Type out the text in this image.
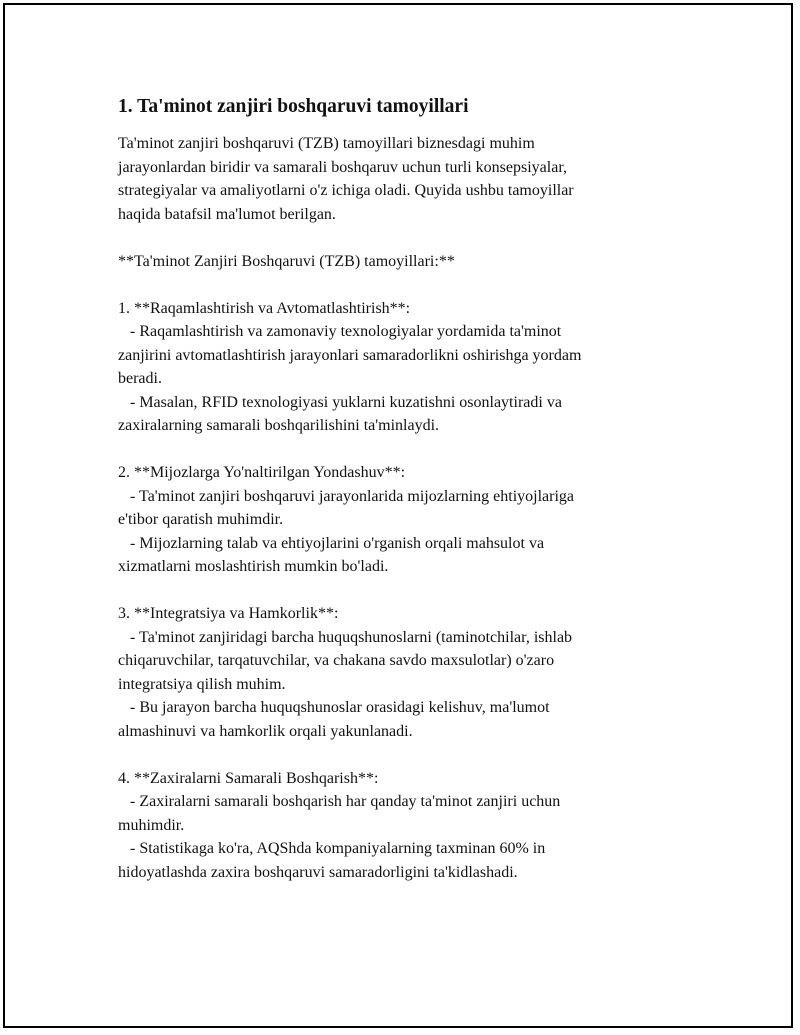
1. Ta'minot zanjiri boshqaruvi tamoyillari

Ta'minot zanjiri boshqaruvi (TZB) tamoyillari biznesdagi muhim
jarayonlardan biridir va samarali boshqaruv uchun turli konsepsiyalar,
strategiyalar va amaliyotlarni o'z ichiga oladi. Quyida ushbu tamoyillar
haqida batafsil ma'lumot berilgan.

**Ta'minot Zanjiri Boshqaruvi (TZB) tamoyillari:**

1. **Raqamlashtirish va Avtomatlashtirish**:

- Raqamlashtirish va zamonaviy texnologiyalar yordamida ta'minot
zanjirini avtomatlashtirish jarayonlari samaradorlikni oshirishga yordam
beradi.
- Masalan, RFID texnologiyasi yuklarni kuzatishni osonlaytiradi va
zaxiralarning samarali boshqarilishini ta'minlaydi.

2. **Mijozlarga Yo'naltirilgan Yondashuv**:

- Ta'minot zanjiri boshqaruvi jarayonlarida mijozlarning ehtiyojlariga
e'tibor qaratish muhimdir.
- Mijozlarning talab va ehtiyojlarini o'rganish orqali mahsulot va
xizmatlarni moslashtirish mumkin bo'ladi.

3. **Integratsiya va Hamkorlik**:

- Ta'minot zanjiridagi barcha huquqshunoslarni (taminotchilar, ishlab
chiqaruvchilar, tarqatuvchilar, va chakana savdo maxsulotlar) o'zaro
integratsiya qilish muhim.
- Bu jarayon barcha huquqshunoslar orasidagi kelishuv, ma'lumot
almashinuvi va hamkorlik orqali yakunlanadi.

4. **Zaxiralarni Samarali Boshqarish**:

- Zaxiralarni samarali boshqarish har qanday ta'minot zanjiri uchun
muhimdir.
- Statistikaga ko'ra, AQShda kompaniyalarning taxminan 60% in
hidoyatlashda zaxira boshqaruvi samaradorligini ta'kidlashadi.
